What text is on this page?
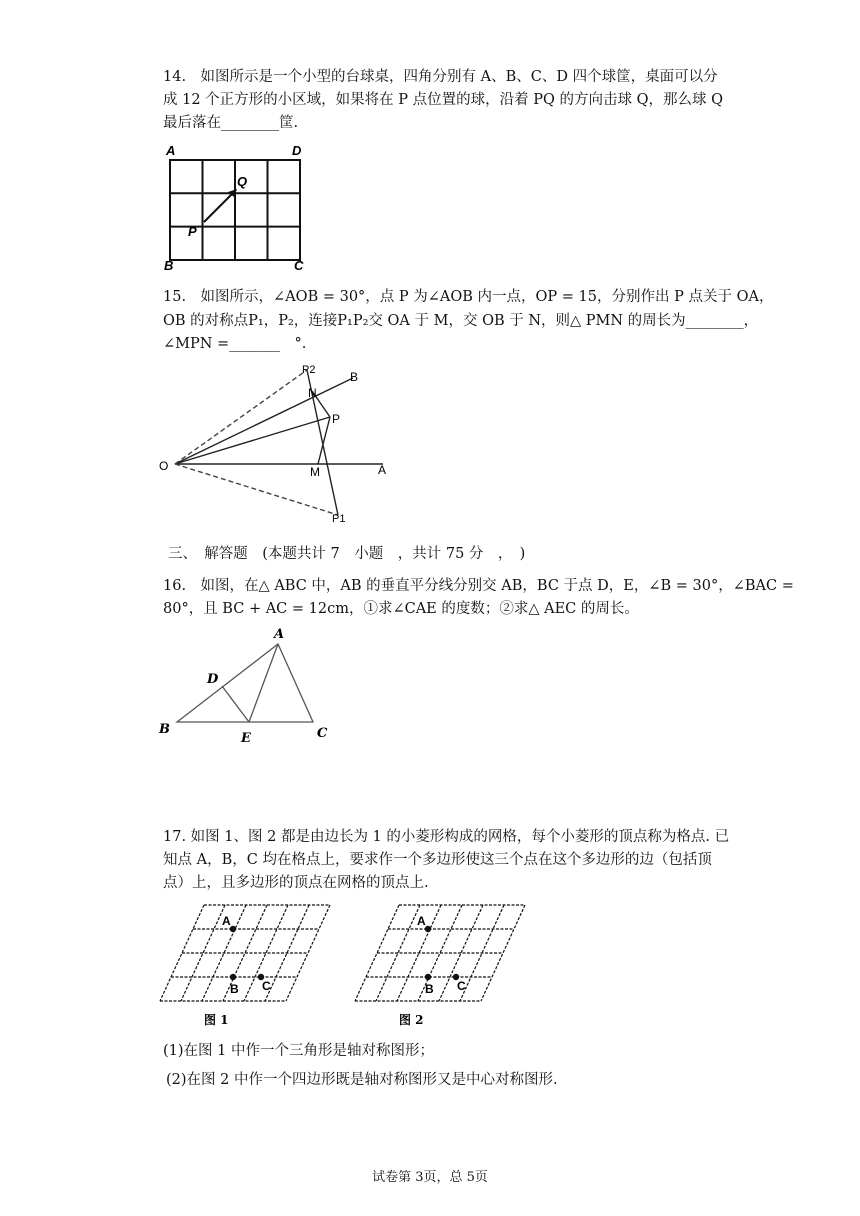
14.　如图所示是一个小型的台球桌，四角分别有 A、B、C、D 四个球筐，桌面可以分
成 12 个正方形的小区域，如果将在 P 点位置的球，沿着 PQ 的方向击球 Q，那么球 Q
最后落在________筐.
A	D
B	C
P
Q
15.　如图所示，∠AOB = 30°，点 P 为∠AOB 内一点，OP = 15，分别作出 P 点关于 OA，
OB 的对称点P₁，P₂，连接P₁P₂交 OA 于 M，交 OB 于 N，则△ PMN 的周长为________，
∠MPN =_______　°.
O	A
B
P
P1
P2
M
N
三、　解答题　(本题共计 7　小题　，共计 75 分　，　)
16.　如图，在△ ABC 中，AB 的垂直平分线分别交 AB，BC 于点 D，E，∠B = 30°，∠BAC =
80°，且 BC + AC = 12cm，①求∠CAE 的度数；②求△ AEC 的周长。
A
B	C
D
E
17. 如图 1、图 2 都是由边长为 1 的小菱形构成的网格，每个小菱形的顶点称为格点. 已
知点 A，B，C 均在格点上，要求作一个多边形使这三个点在这个多边形的边（包括顶
点）上，且多边形的顶点在网格的顶点上.
A
B C
图 1
A
B C
图 2
(1)在图 1 中作一个三角形是轴对称图形；
(2)在图 2 中作一个四边形既是轴对称图形又是中心对称图形.
试卷第 3页，总 5页
